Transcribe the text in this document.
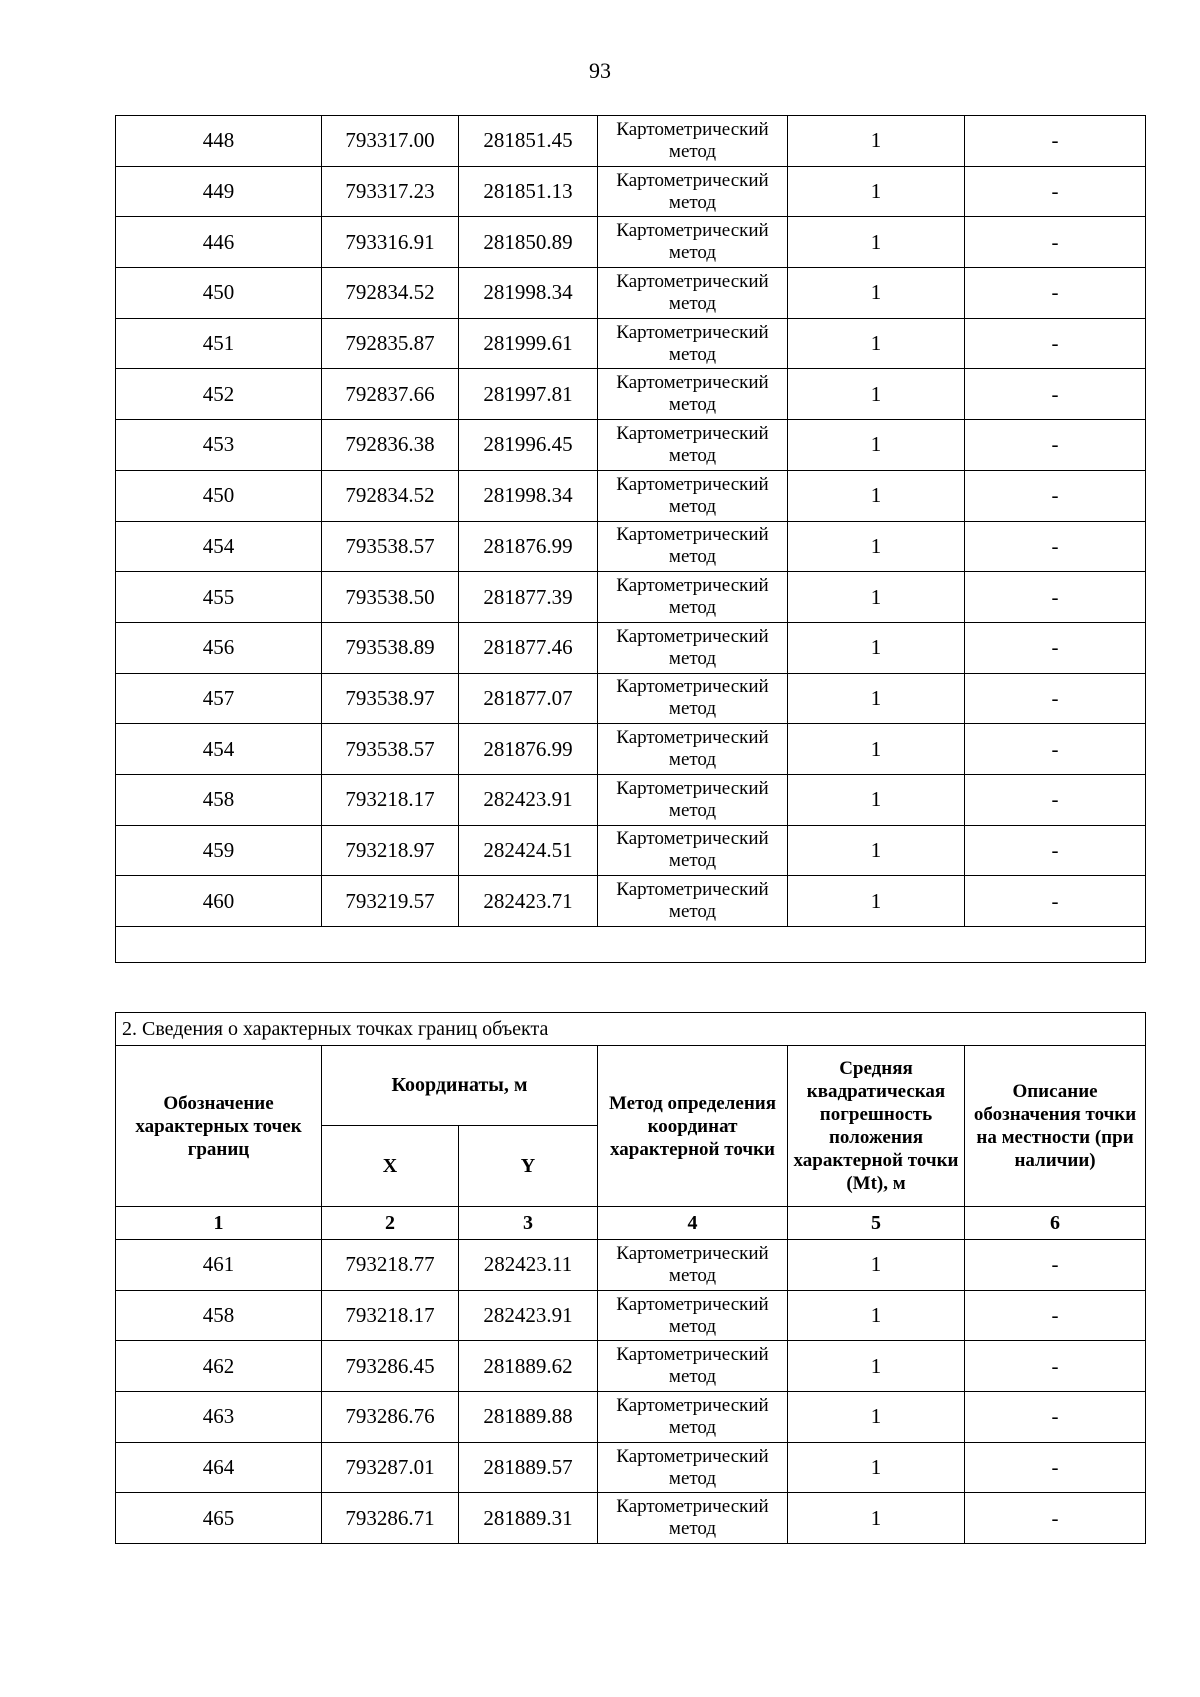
93
448	793317.00	281851.45	Картометрический метод	1	-
449	793317.23	281851.13	Картометрический метод	1	-
446	793316.91	281850.89	Картометрический метод	1	-
450	792834.52	281998.34	Картометрический метод	1	-
451	792835.87	281999.61	Картометрический метод	1	-
452	792837.66	281997.81	Картометрический метод	1	-
453	792836.38	281996.45	Картометрический метод	1	-
450	792834.52	281998.34	Картометрический метод	1	-
454	793538.57	281876.99	Картометрический метод	1	-
455	793538.50	281877.39	Картометрический метод	1	-
456	793538.89	281877.46	Картометрический метод	1	-
457	793538.97	281877.07	Картометрический метод	1	-
454	793538.57	281876.99	Картометрический метод	1	-
458	793218.17	282423.91	Картометрический метод	1	-
459	793218.97	282424.51	Картометрический метод	1	-
460	793219.57	282423.71	Картометрический метод	1	-

2. Сведения о характерных точках границ объекта					
Обозначение характерных точек границ	Координаты, м		Метод определения координат характерной точки	Средняя квадратическая погрешность положения характерной точки (Mt), м	Описание обозначения точки на местности (при наличии)
	X	Y			
1	2	3	4	5	6
461	793218.77	282423.11	Картометрический метод	1	-
458	793218.17	282423.91	Картометрический метод	1	-
462	793286.45	281889.62	Картометрический метод	1	-
463	793286.76	281889.88	Картометрический метод	1	-
464	793287.01	281889.57	Картометрический метод	1	-
465	793286.71	281889.31	Картометрический метод	1	-
